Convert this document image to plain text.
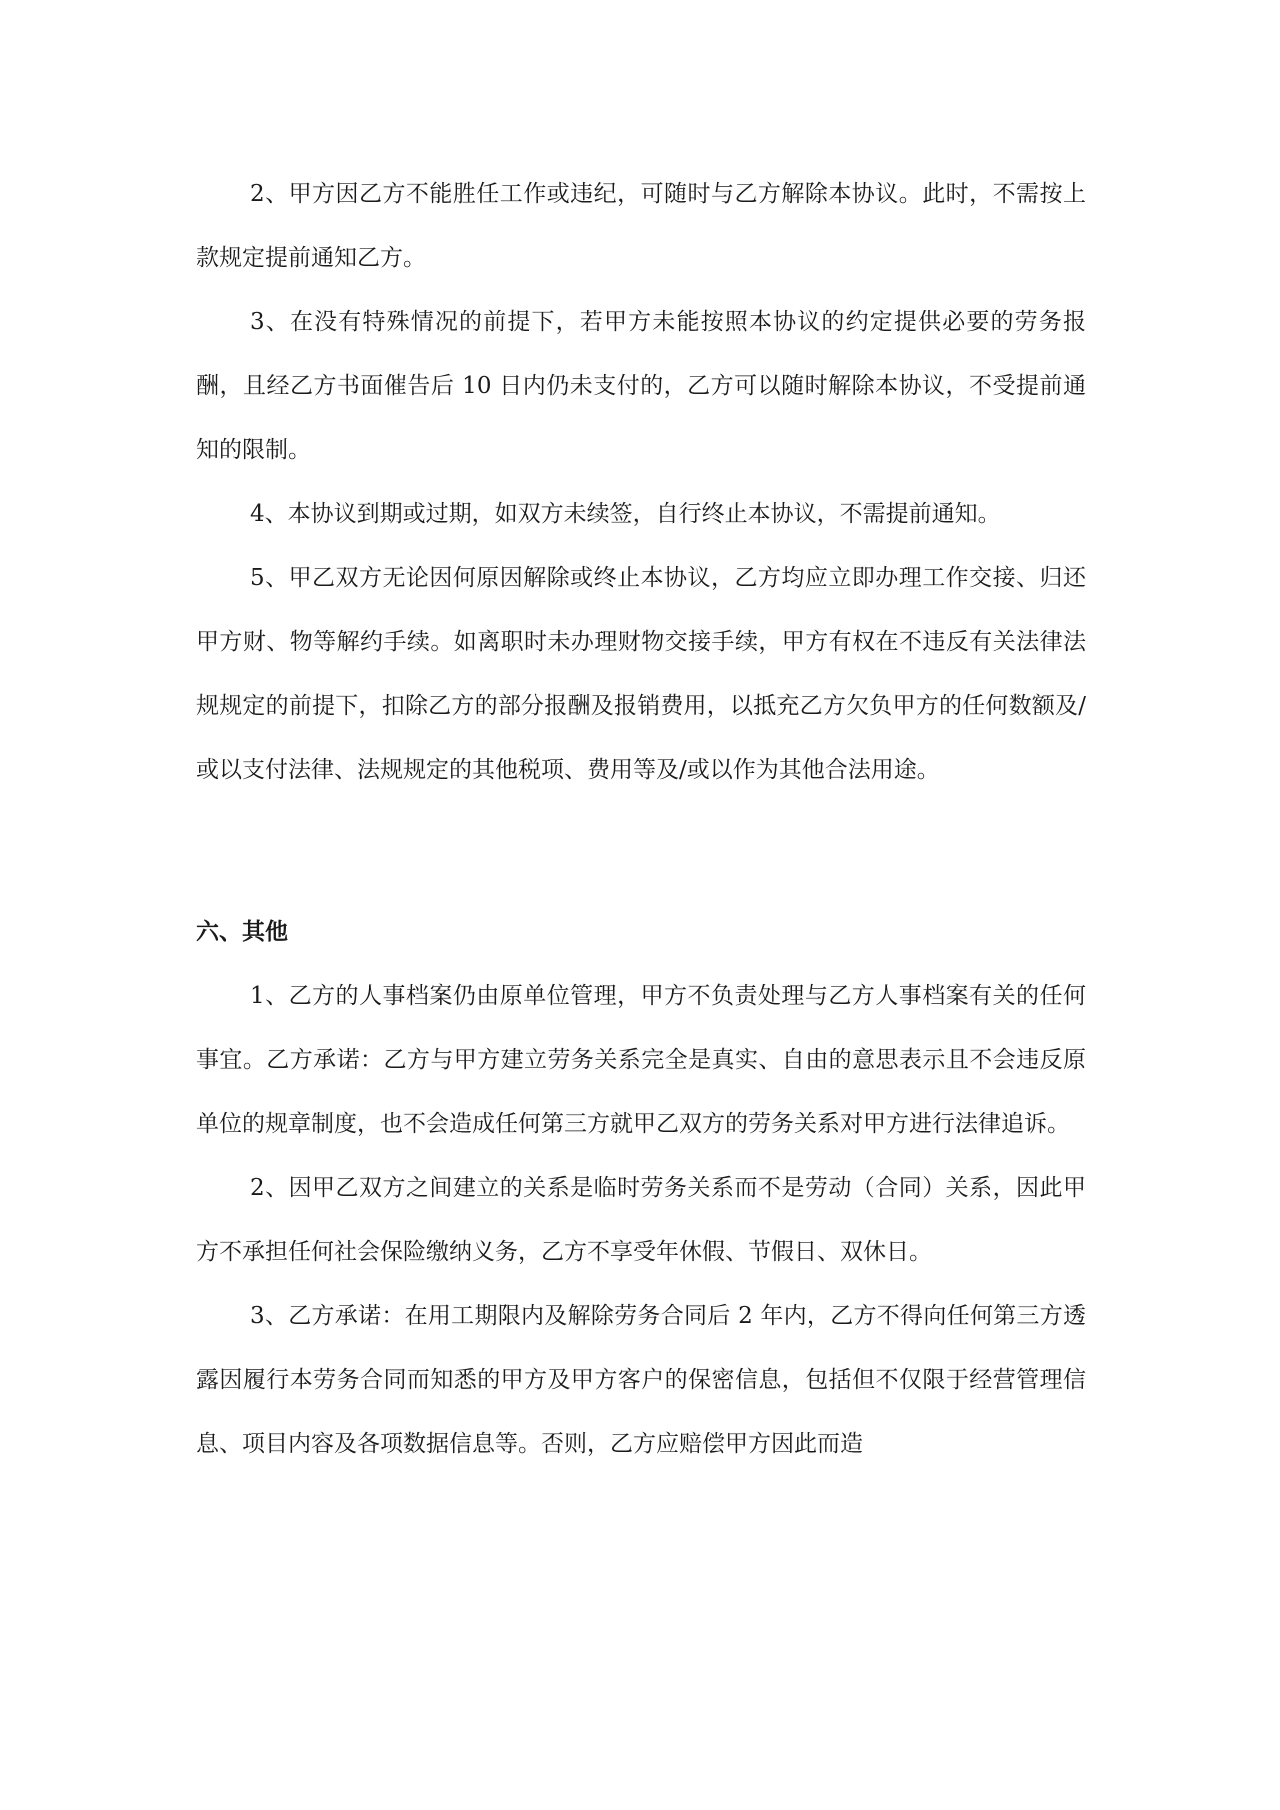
2、甲方因乙方不能胜任工作或违纪，可随时与乙方解除本协议。此时，不需按上款规定提前通知乙方。

3、在没有特殊情况的前提下，若甲方未能按照本协议的约定提供必要的劳务报酬，且经乙方书面催告后 10 日内仍未支付的，乙方可以随时解除本协议，不受提前通知的限制。

4、本协议到期或过期，如双方未续签，自行终止本协议，不需提前通知。

5、甲乙双方无论因何原因解除或终止本协议，乙方均应立即办理工作交接、归还甲方财、物等解约手续。如离职时未办理财物交接手续，甲方有权在不违反有关法律法规规定的前提下，扣除乙方的部分报酬及报销费用，以抵充乙方欠负甲方的任何数额及/或以支付法律、法规规定的其他税项、费用等及/或以作为其他合法用途。

六、其他

1、乙方的人事档案仍由原单位管理，甲方不负责处理与乙方人事档案有关的任何事宜。乙方承诺：乙方与甲方建立劳务关系完全是真实、自由的意思表示且不会违反原单位的规章制度，也不会造成任何第三方就甲乙双方的劳务关系对甲方进行法律追诉。

2、因甲乙双方之间建立的关系是临时劳务关系而不是劳动（合同）关系，因此甲方不承担任何社会保险缴纳义务，乙方不享受年休假、节假日、双休日。

3、乙方承诺：在用工期限内及解除劳务合同后 2 年内，乙方不得向任何第三方透露因履行本劳务合同而知悉的甲方及甲方客户的保密信息，包括但不仅限于经营管理信息、项目内容及各项数据信息等。否则，乙方应赔偿甲方因此而造
